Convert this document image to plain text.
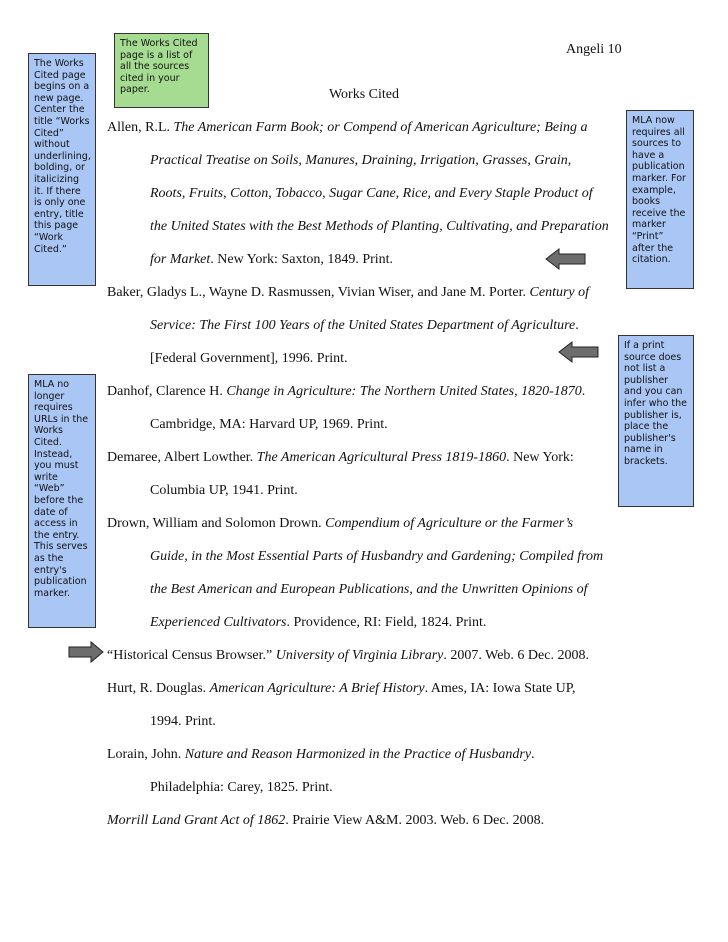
Angeli 10
Works Cited
Allen, R.L. The American Farm Book; or Compend of American Agriculture; Being a
Practical Treatise on Soils, Manures, Draining, Irrigation, Grasses, Grain,
Roots, Fruits, Cotton, Tobacco, Sugar Cane, Rice, and Every Staple Product of
the United States with the Best Methods of Planting, Cultivating, and Preparation
for Market. New York: Saxton, 1849. Print.
Baker, Gladys L., Wayne D. Rasmussen, Vivian Wiser, and Jane M. Porter. Century of
Service: The First 100 Years of the United States Department of Agriculture.
[Federal Government], 1996. Print.
Danhof, Clarence H. Change in Agriculture: The Northern United States, 1820-1870.
Cambridge, MA: Harvard UP, 1969. Print.
Demaree, Albert Lowther. The American Agricultural Press 1819-1860. New York:
Columbia UP, 1941. Print.
Drown, William and Solomon Drown. Compendium of Agriculture or the Farmer’s
Guide, in the Most Essential Parts of Husbandry and Gardening; Compiled from
the Best American and European Publications, and the Unwritten Opinions of
Experienced Cultivators. Providence, RI: Field, 1824. Print.
“Historical Census Browser.” University of Virginia Library. 2007. Web. 6 Dec. 2008.
Hurt, R. Douglas. American Agriculture: A Brief History. Ames, IA: Iowa State UP,
1994. Print.
Lorain, John. Nature and Reason Harmonized in the Practice of Husbandry.
Philadelphia: Carey, 1825. Print.
Morrill Land Grant Act of 1862. Prairie View A&M. 2003. Web. 6 Dec. 2008.
The Works Cited page is a list of all the sources cited in your paper.
The Works Cited page begins on a new page. Center the title “Works Cited” without underlining, bolding, or italicizing it. If there is only one entry, title this page “Work Cited.”
MLA now requires all sources to have a publication marker. For example, books receive the marker “Print” after the citation.
MLA no longer requires URLs in the Works Cited. Instead, you must write “Web” before the date of access in the entry. This serves as the entry's publication marker.
If a print source does not list a publisher and you can infer who the publisher is, place the publisher's name in brackets.
